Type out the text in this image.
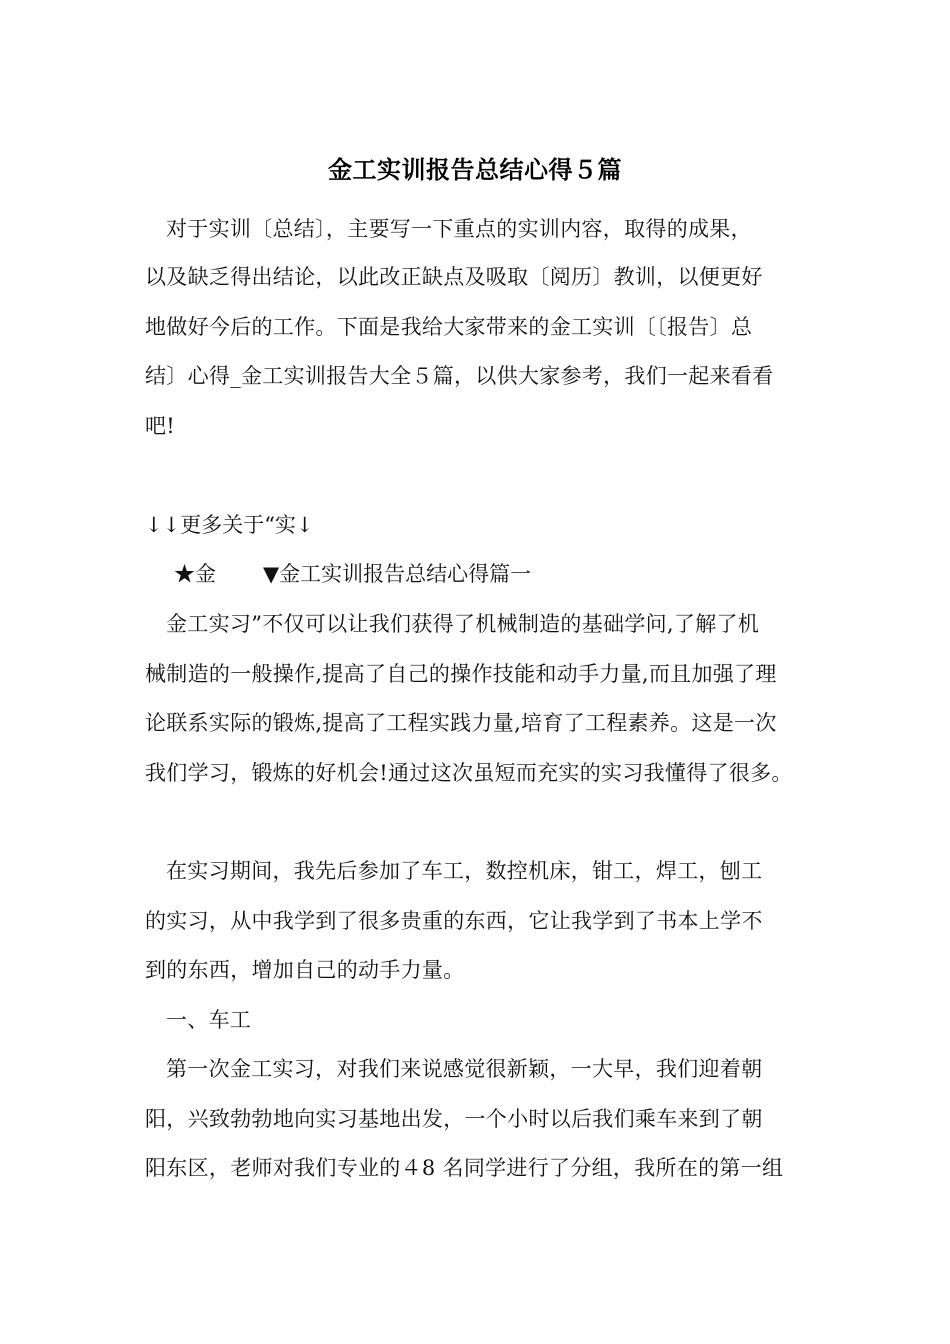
金工实训报告总结心得５篇
对于实训〔总结〕，主要写一下重点的实训内容，取得的成果，
以及缺乏得出结论，以此改正缺点及吸取〔阅历〕教训，以便更好
地做好今后的工作。下面是我给大家带来的金工实训〔〔报告〕总
结〕心得_金工实训报告大全５篇，以供大家参考，我们一起来看看
吧!
↓↓更多关于“实↓
★金 ▼金工实训报告总结心得篇一
金工实习”不仅可以让我们获得了机械制造的基础学问,了解了机
械制造的一般操作,提高了自己的操作技能和动手力量,而且加强了理
论联系实际的锻炼,提高了工程实践力量,培育了工程素养。这是一次
我们学习，锻炼的好机会!通过这次虽短而充实的实习我懂得了很多。
在实习期间，我先后参加了车工，数控机床，钳工，焊工，刨工
的实习，从中我学到了很多贵重的东西，它让我学到了书本上学不
到的东西，增加自己的动手力量。
一、车工
第一次金工实习，对我们来说感觉很新颖，一大早，我们迎着朝
阳，兴致勃勃地向实习基地出发，一个小时以后我们乘车来到了朝
阳东区，老师对我们专业的４8 名同学进行了分组，我所在的第一组
